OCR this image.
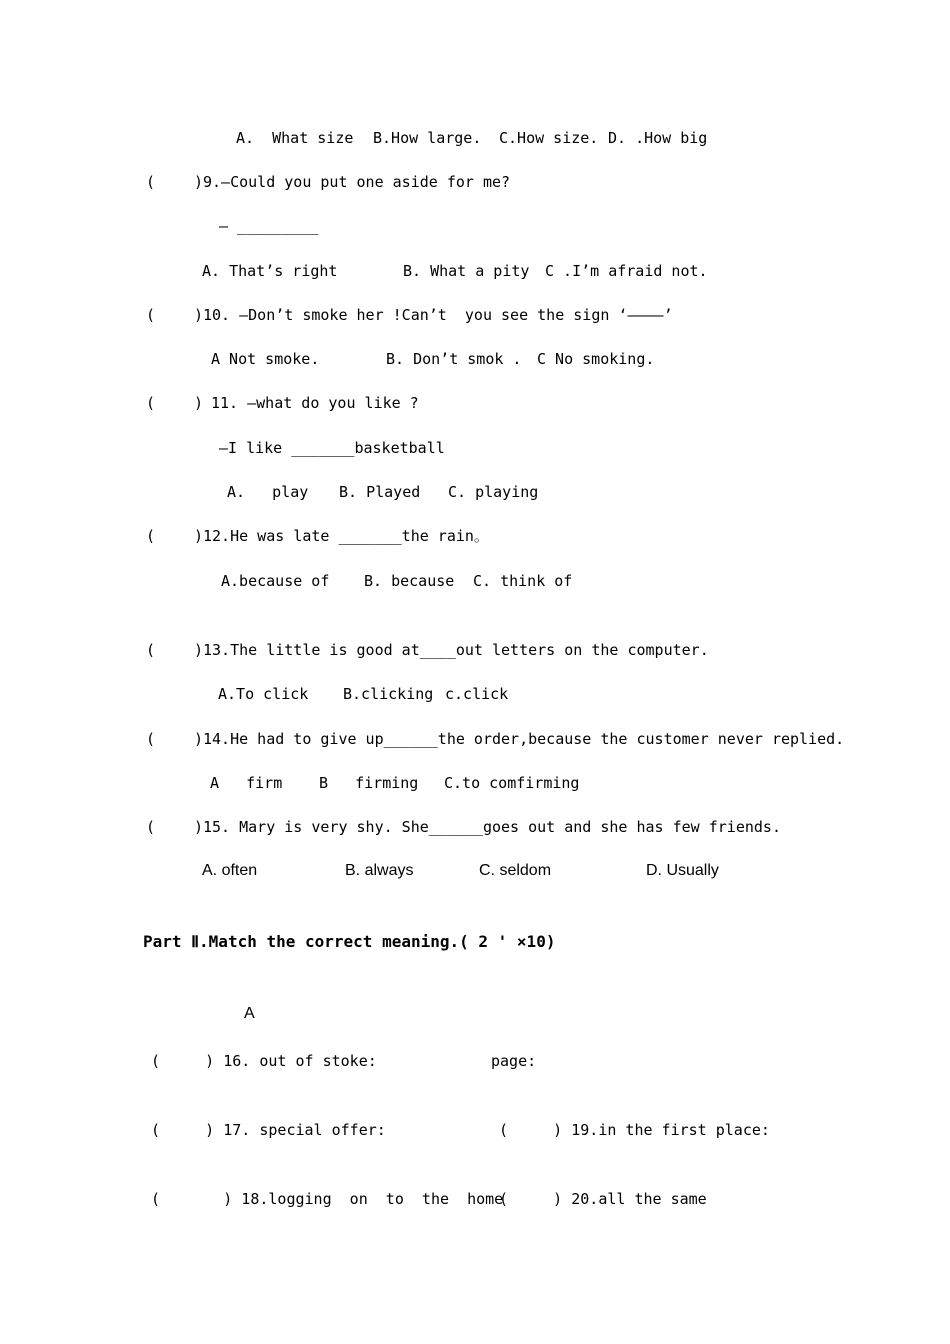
A.  What size B.How large. C.How size. D. .How big
(	) 9.—Could you put one aside for me?
— _________
A. That’s right	B. What a pity C .I’m afraid not.
(	) 10. —Don’t smoke her !Can’t  you see the sign ‘————’
A Not smoke.	B. Don’t smok . C No smoking.
(	) 11. —what do you like ?
—I like _______basketball
A.   play B. Played C. playing
(	) 12.He was late _______the rain。
A.because of B. because C. think of
(	) 13.The little is good at____out letters on the computer.
A.To click B.clicking c.click
(	) 14.He had to give up______the order,because the customer never replied.
A   firm B   firming C.to comfirming
(	) 15. Mary is very shy. She______goes out and she has few friends.
A. often	B. always	C. seldom	D. Usually
Part Ⅱ.Match the correct meaning.( 2 ' ×10)
A
(     ) 16. out of stoke:	page:
(     ) 17. special offer:	(     ) 19.in the first place:
(       ) 18.logging  on  to  the  home
(     ) 20.all the same
